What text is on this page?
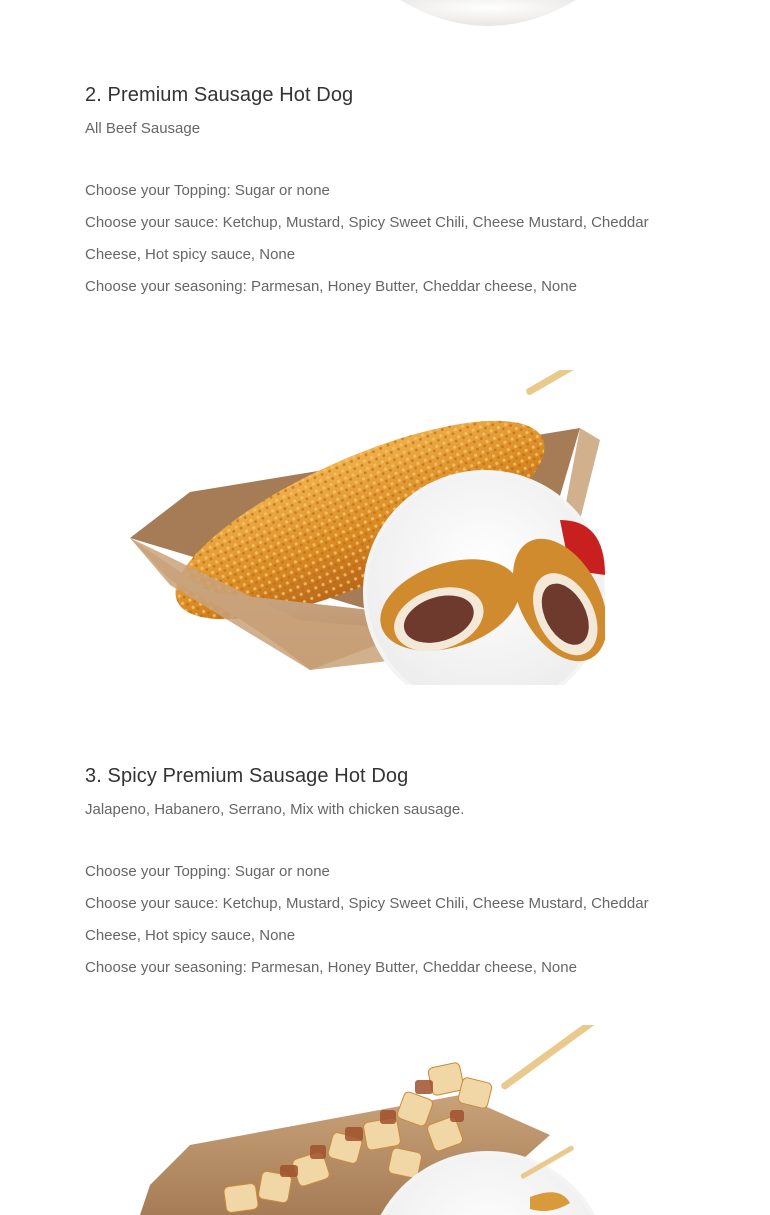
2. Premium Sausage Hot Dog

All Beef Sausage

Choose your Topping: Sugar or none

Choose your sauce: Ketchup, Mustard, Spicy Sweet Chili, Cheese Mustard, Cheddar Cheese, Hot spicy sauce, None

Choose your seasoning: Parmesan, Honey Butter, Cheddar cheese, None

3. Spicy Premium Sausage Hot Dog

Jalapeno, Habanero, Serrano, Mix with chicken sausage.

Choose your Topping: Sugar or none

Choose your sauce: Ketchup, Mustard, Spicy Sweet Chili, Cheese Mustard, Cheddar Cheese, Hot spicy sauce, None

Choose your seasoning: Parmesan, Honey Butter, Cheddar cheese, None
